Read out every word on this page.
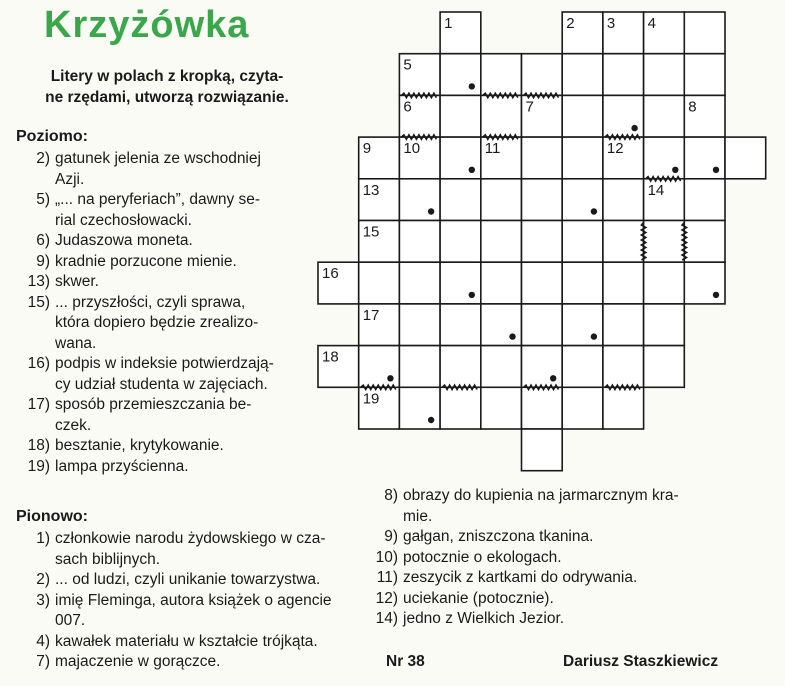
Krzyżówka
Litery w polach z kropką, czyta-
ne rzędami, utworzą rozwiązanie.
Poziomo:
2) gatunek jelenia ze wschodniej
Azji.
5) „... na peryferiach”, dawny se-
rial czechosłowacki.
6) Judaszowa moneta.
9) kradnie porzucone mienie.
13) skwer.
15) ... przyszłości, czyli sprawa,
która dopiero będzie zrealizo-
wana.
16) podpis w indeksie potwierdzają-
cy udział studenta w zajęciach.
17) sposób przemieszczania be-
czek.
18) besztanie, krytykowanie.
19) lampa przyścienna.
Pionowo:
1) członkowie narodu żydowskiego w cza-
sach biblijnych.
2) ... od ludzi, czyli unikanie towarzystwa.
3) imię Fleminga, autora książek o agencie
007.
4) kawałek materiału w kształcie trójkąta.
7) majaczenie w gorączce.
8) obrazy do kupienia na jarmarcznym kra-
mie.
9) gałgan, zniszczona tkanina.
10) potocznie o ekologach.
11) zeszycik z kartkami do odrywania.
12) uciekanie (potocznie).
14) jedno z Wielkich Jezior.
Nr 38	Dariusz Staszkiewicz
1	2 3 4
5
6	7	8
9 10	11	12
13	14
15
16
17
18
19
